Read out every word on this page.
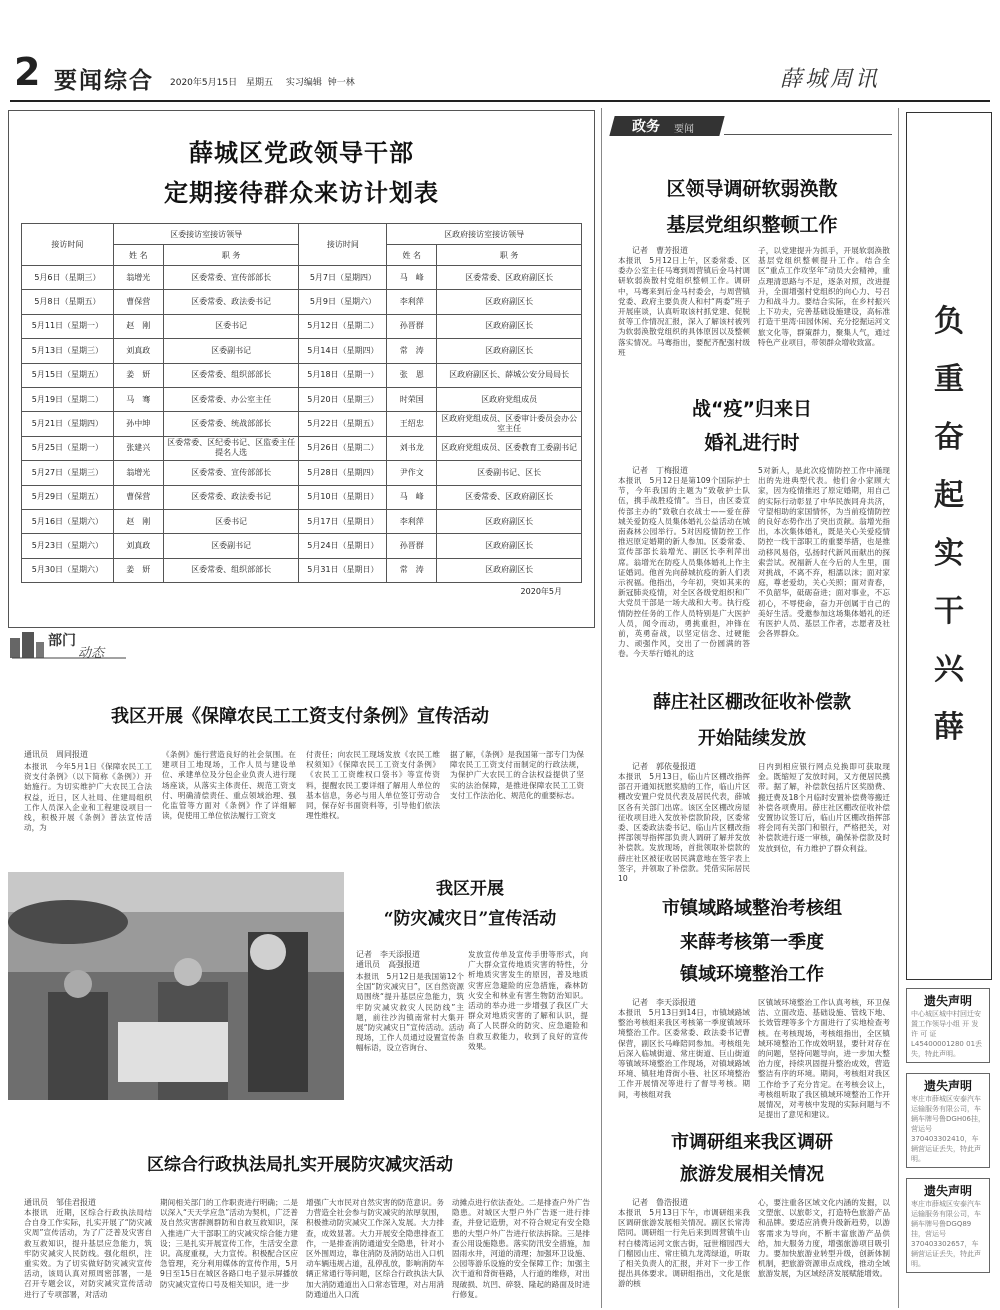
2 要闻综合 2020年5月15日 星期五 实习编辑 钟一林	薛城周讯
薛城区党政领导干部
定期接待群众来访计划表
接访时间	区委接访室接访领导		接访时间	区政府接访室接访领导	
	姓 名	职 务		姓 名	职 务
5月6日（星期三）	翁增光	区委常委、宣传部部长	5月7日（星期四）	马　峰	区委常委、区政府副区长
5月8日（星期五）	曹保营	区委常委、政法委书记	5月9日（星期六）	李利萍	区政府副区长
5月11日（星期一）	赵　刚	区委书记	5月12日（星期二）	孙晋群	区政府副区长
5月13日（星期三）	刘真政	区委副书记	5月14日（星期四）	常　涛	区政府副区长
5月15日（星期五）	姜　妍	区委常委、组织部部长	5月18日（星期一）	张　恩	区政府副区长、薛城公安分局局长
5月19日（星期二）	马　骞	区委常委、办公室主任	5月20日（星期三）	时荣国	区政府党组成员
5月21日（星期四）	孙中坤	区委常委、统战部部长	5月22日（星期五）	王绍忠	区政府党组成员、区委审计委员会办公室主任
5月25日（星期一）	张建兴	区委常委、区纪委书记、区监委主任提名人选	5月26日（星期二）	刘书龙	区政府党组成员、区委教育工委副书记
5月27日（星期三）	翁增光	区委常委、宣传部部长	5月28日（星期四）	尹作文	区委副书记、区长
5月29日（星期五）	曹保营	区委常委、政法委书记	5月10日（星期日）	马　峰	区委常委、区政府副区长
5月16日（星期六）	赵　刚	区委书记	5月17日（星期日）	李利萍	区政府副区长
5月23日（星期六）	刘真政	区委副书记	5月24日（星期日）	孙晋群	区政府副区长
5月30日（星期六）	姜　妍	区委常委、组织部部长	5月31日（星期日）	常　涛	区政府副区长
2020年5月
部门
动态
我区开展《保障农民工工资支付条例》宣传活动
通讯员　周同报道

本报讯　今年5月1日《保障农民工工资支付条例》（以下简称《条例》）开始施行。为切实维护广大农民工合法权益，近日，区人社局、住建局组织工作人员深入企业和工程建设项目一线，积极开展《条例》普法宣传活动，为

《条例》施行营造良好的社会氛围。在建项目工地现场，工作人员与建设单位、承建单位及分包企业负责人进行现场座谈，从落实主体责任、规范工资支付、明确清偿责任、重点领域治理、强化监管等方面对《条例》作了详细解读，促使用工单位依法履行工资支

付责任；向农民工现场发放《农民工维权须知》《保障农民工工资支付条例》《农民工工资维权口袋书》等宣传资料，提醒农民工要详细了解用人单位的基本信息，务必与用人单位签订劳动合同，保存好书面资料等，引导他们依法理性维权。

据了解，《条例》是我国第一部专门为保障农民工工资支付而制定的行政法规，为保护广大农民工的合法权益提供了坚实的法治保障，是推进保障农民工工资支付工作法治化、规范化的重要标志。

我区开展
“防灾减灾日”宣传活动
记者　李天添报道
通讯员　高强报道

本报讯　5月12日是我国第12个全国“防灾减灾日”，区自然资源局围绕“提升基层应急能力，筑牢防灾减灾救灾人民防线”主题，前往沙沟镇南常村大集开展“防灾减灾日”宣传活动。活动现场，工作人员通过设置宣传条幅标语，设立咨询台、

发放宣传单及宣传手册等形式，向广大群众宣传地质灾害的特性，分析地质灾害发生的原因，普及地质灾害应急避险的应急措施，森林防火安全和林业有害生物防治知识。活动的举办进一步增强了我区广大群众对地质灾害的了解和认识，提高了人民群众的防灾、应急避险和自救互救能力，收到了良好的宣传效果。

区综合行政执法局扎实开展防灾减灾活动
通讯员　邹佳君报道

本报讯　近期，区综合行政执法局结合自身工作实际，扎实开展了“防灾减灾周”宣传活动，为了广泛普及灾害自救互救知识，提升基层应急能力，筑牢防灾减灾人民防线。强化组织，注重实效。为了切实做好防灾减灾宣传活动，该局认真对照周密部署，一是召开专题会议，对防灾减灾宣传活动进行了专项部署，对活动

期间相关部门的工作职责进行明确；二是以深入“天天学应急”活动为契机，广泛普及自然灾害群测群防和自救互救知识，深入推进广大干部职工的灾减灾综合能力建设；三是扎实开展宣传工作，生活安全意识。高度重视，大力宣传。积极配合区应急管理，充分利用媒体的宣传作用，5月9日至15日在城区各路口电子显示屏播放防灾减灾宣传口号及相关知识，进一步

增强广大市民对自然灾害的防范意识。务力营造全社会参与防灾减灾的浓厚氛围，积极推动防灾减灾工作深入发展。大力排查，成效显著。大力开展安全隐患排查工作，一是排查消防通道安全隐患，针对小区外围周边，靠住消防及消防站出入口机动车辆违规占道，乱停乱放，影响消防车辆正常通行等问题，区综合行政执法大队加大消防通道出入口常态管理，对占用消防通道出入口流

动摊点进行依法查处。二是排查户外广告隐患。对城区大型户外广告逐一进行排查，并登记造册，对不符合规定有安全隐患的大型户外广告进行依法拆除。三是排查公用设施隐患。落实防汛安全措施，加固雨水井，河道的清理；加强环卫设施、公园等游乐设施的安全保障工作；加强主次干道和背街巷路，人行道的维修，对出现破损、坑凹、碎裂、隆起的路面及时进行修复。

政务 要闻
区领导调研软弱涣散
基层党组织整顿工作
记者　曹芳报道

本报讯　5月12日上午，区委常委、区委办公室主任马骞到周营镇后金马村调研软弱涣散村党组织整顿工作。调研中，马骞来到后金马村委会，与周营镇党委、政府主要负责人和村“两委”班子开展座谈，认真听取该村抓党建、促脱贫等工作情况汇报，深入了解该村被列为软弱涣散党组织的具体原因以及整顿落实情况。马骞指出，要配齐配强村级班

子，以党建提升为抓手，开展软弱涣散基层党组织整顿提升工作。结合全区“重点工作攻坚年”动员大会精神，重点理清思路与不足，逐条对照，改进提升，全面增强村党组织的向心力、号召力和战斗力。要结合实际，在乡村振兴上下功夫，完善基础设施建设，高标准打造干里湾·田园休闲、充分挖掘运河文旅文化等，群策群力，聚集人气，通过特色产业项目，带领群众增收致富。

战“疫”归来日
婚礼进行时
记者　丁梅报道

本报讯　5月12日是第109个国际护士节，今年我国的主题为“致敬护士队伍，携手战胜疫情”。当日，由区委宣传部主办的“致敬白衣战士——爱在薛城关爱防疫人员集体婚礼公益活动在城南森林公园举行。5对因疫情防控工作推迟原定婚期的新人参加。区委常委、宣传部部长翁增光、副区长李利萍出席。翁增光在防疫人员集体婚礼上作主证婚词。他首先向薛城抗疫的新人们表示祝福。他指出，今年初，突如其来的新冠肺炎疫情，对全区各级党组织和广大党员干部是一场大战和大考。执行疫情防控任务的工作人员特别是广大医护人员，闻令而动，勇挑重担，冲锋在前，英勇奋战，以坚定信念、过硬能力、顽强作风，交出了一份圆满的答卷。今天举行婚礼的这

5对新人，是此次疫情防控工作中涌现出的先进典型代表。他们舍小家顾大家，因为疫情推迟了原定婚期，用自己的实际行动彰显了中华民族同舟共济，守望相助的家国情怀，为当前疫情防控的良好态势作出了突出贡献。翁增光指出，本次集体婚礼，既是关心关爱疫情防控一线干部职工的重要举措，也是推动移风易俗，弘扬时代新风而献出的探索尝试。祝福新人在今后的人生里，面对挑战，不离不弃，相濡以沫；面对家庭，尊老爱幼，关心关照；面对青春，不负韶华，砥砺奋进；面对事业，不忘初心，不辱使命，奋力开创属于自己的美好生活。受邀参加这场集体婚礼的还有医护人员、基层工作者，志愿者及社会各界群众。

薛庄社区棚改征收补偿款
开始陆续发放
记者　郭依曼报道

本报讯　5月13日，临山片区棚改指挥部召开通知抚慰奖励的工作，临山片区棚改安置户党员代表及居民代表，薛城区各有关部门出席。该区全区棚改房屋征收项目进入发放补偿款阶段，区委常委、区委政法委书记、临山片区棚改指挥部领导指挥部负责人调研了解并发放补偿款。发放现场，首批领取补偿款的薛庄社区被征收居民满意地在签字表上签字，并领取了补偿款。凭借实际居民10

日内到相应银行网点兑换即可获取现金。既缩短了发放时间，又方便居民携带。据了解，补偿款包括片区奖励费、搬迁费及18个月临时安置补偿费等搬迁补偿各项费用。薛庄社区棚改征收补偿安置协议签订后，临山片区棚改指挥部将会同有关部门和银行，严格把关，对补偿款进行逐一审核，确保补偿款及时发放到位，有力维护了群众利益。

市镇域路域整治考核组
来薛考核第一季度
镇域环境整治工作
记者　李天添报道

本报讯　5月13日到14日，市镇域路域整治考核组来我区考核第一季度镇域环境整治工作。区委常委、政法委书记曹保营，副区长马峰陪同参加。考核组先后深入临城街道、常庄街道、巨山街道等镇域环境整治工作现场，对镇域路域环境、镇驻地背街小巷、社区环境整治工作开展情况等进行了督导考核。期间，考核组对我

区镇域环境整治工作认真考核，环卫保洁、立面改造、基础设施、管线下地、长效管理等多个方面进行了实地检查考核。在考核现场，考核组指出，全区镇域环境整治工作成效明显，要针对存在的问题，坚持问题导向，进一步加大整治力度，持续巩固提升整治成效，营造整洁有序的环境。期间，考核组对我区工作给予了充分肯定。在考核会议上，考核组听取了我区镇域环境整治工作开展情况，对考核中发现的实际问题与不足提出了意见和建议。

市调研组来我区调研
旅游发展相关情况
记者　鲁浩报道

本报讯　5月13日下午，市调研组来我区调研旅游发展相关情况。副区长常涛陪同。调研组一行先后来到周营镇牛山村白楼湾运河文旅古街，冠世榴园西大门榴园山庄、常庄镇九龙湾绿道，听取了相关负责人的汇报，并对下一步工作提出具体要求。调研组指出，文化是旅游的核

心，要注重各区域文化内涵的发掘，以文塑旅、以旅彰文，打造特色旅游产品和品牌。要适应消费升级新趋势，以游客需求为导向，不断丰富旅游产品供给，加大服务力度，增强旅游项目吸引力。要加快旅游业转型升级，创新体制机制，把旅游资源串点成线，推动全域旅游发展，为区域经济发展赋能增效。

负
重
奋
起
实
干
兴
薛
遗失声明

中心城区城中村回迁安置工作领导小组 开 发 许 可 证 L45400001280 01丢失，特此声明。

遗失声明

枣庄市薛城区安泰汽车运输服务有限公司，车辆车牌号鲁DGH06挂，营运号370403302410，车辆营运证丢失，特此声明。

遗失声明

枣庄市薛城区安泰汽车运输服务有限公司，车辆车牌号鲁DGQ89挂，营运号370403302657，车辆营运证丢失，特此声明。
